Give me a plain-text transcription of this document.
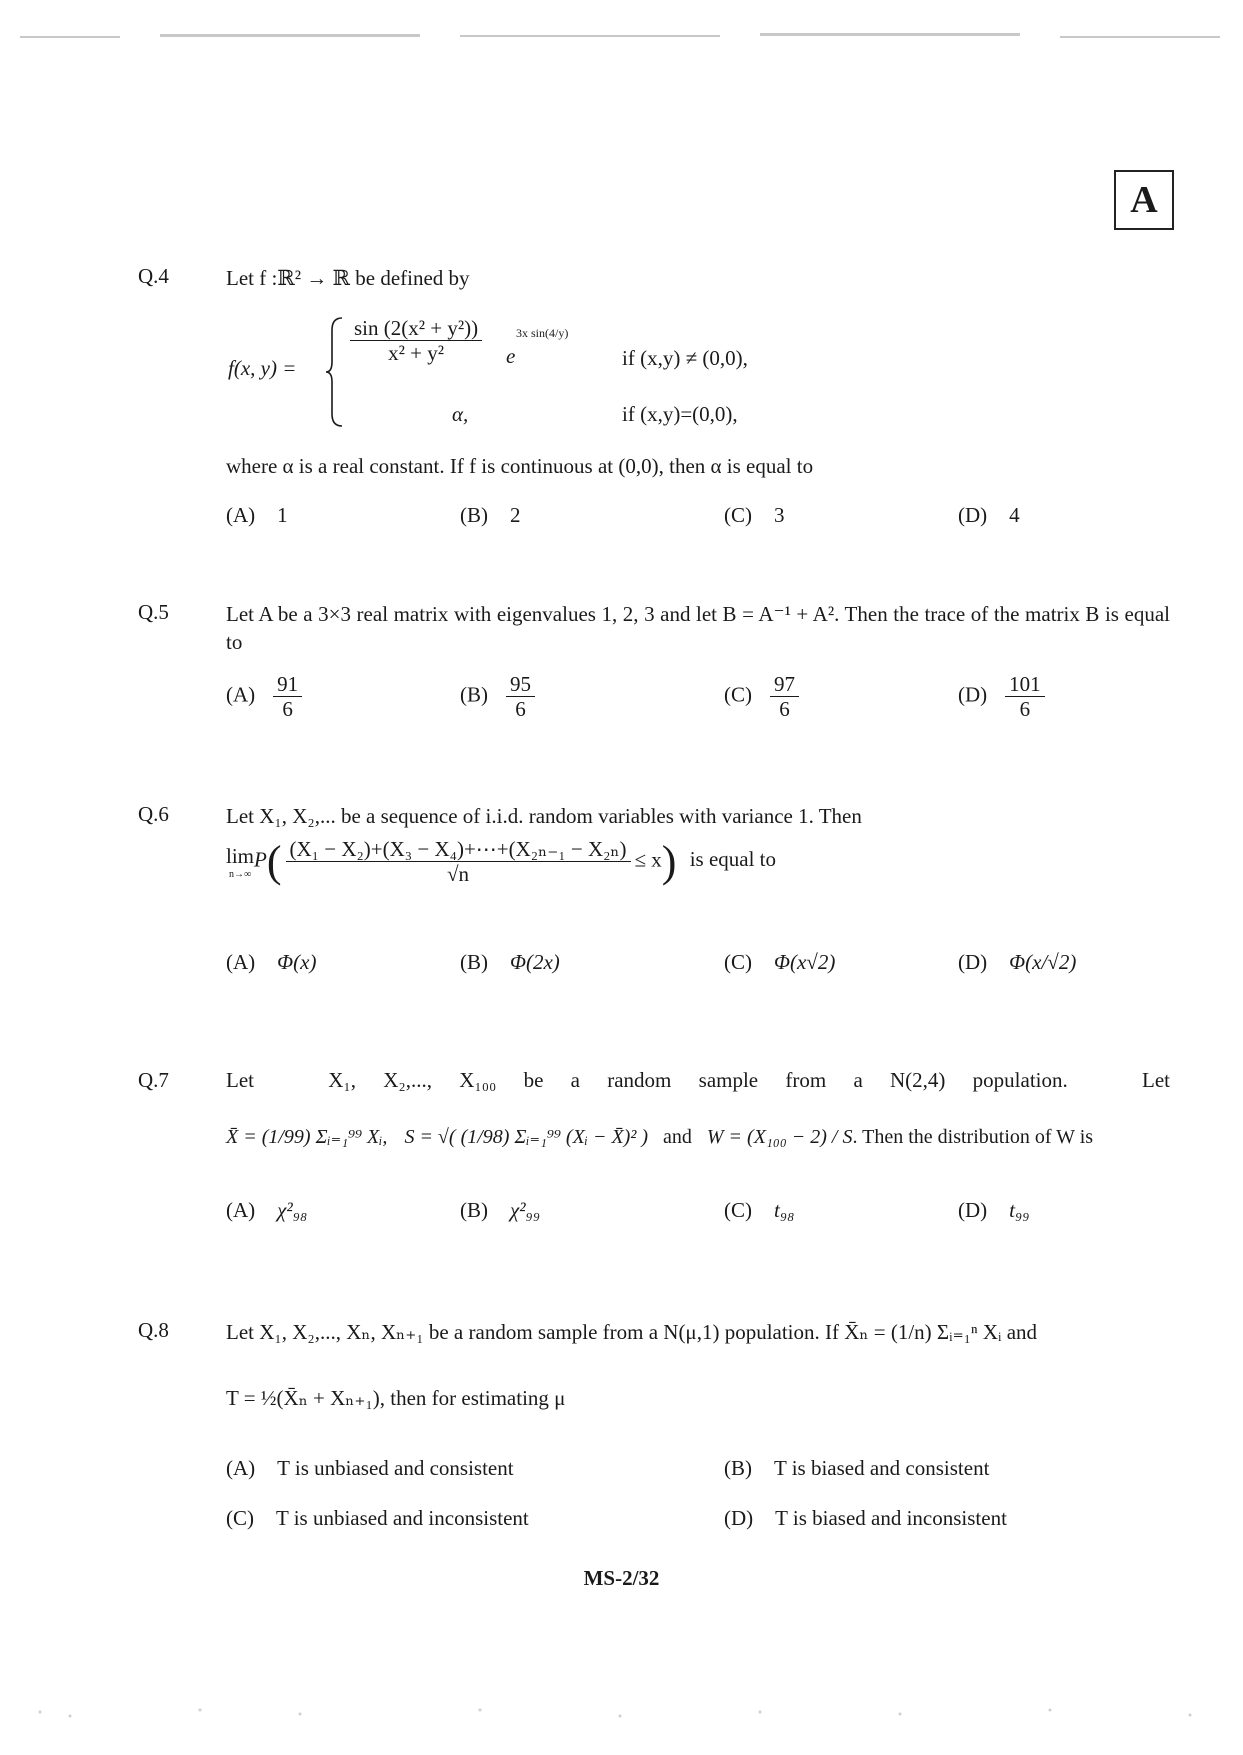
A
Q.4	Let f :ℝ² → ℝ be defined by
f(x, y) =
$\frac{\text{sin (2(x² + y²))}}{\text{x² + y²}}$ e
3x sin(4/y)
if (x,y) ≠ (0,0),
α,	if (x,y)=(0,0),
where α is a real constant. If f is continuous at (0,0), then α is equal to
(A) 1	(B) 2	(C) 3	(D) 4
Q.5	Let A be a 3×3 real matrix with eigenvalues 1, 2, 3 and let B = A⁻¹ + A². Then the trace of the matrix B is equal to
$(A) \frac{91}{6}$	$(B) \frac{95}{6}$	$(C) \frac{97}{6}$	$(D) \frac{101}{6}$
Q.6	Let X₁, X₂,... be a sequence of i.i.d. random variables with variance 1. Then
lim
n→∞
$P( \frac{\text{(X₁ − X₂)+(X₃ − X₄)+⋯+(X₂ₙ₋₁ − X₂ₙ)}}{√n} \le x)$ is equal to
(A) Φ(x)	(B) Φ(2x)	(C) Φ(x√2)	(D) Φ(x/√2)
Q.7	Let	X₁, X₂,..., X₁₀₀ be a random sample from a N(2,4) population.	Let
X̄ = (1/99) Σᵢ₌₁⁹⁹ Xᵢ, S = √( (1/98) Σᵢ₌₁⁹⁹ (Xᵢ − X̄)² ) and W = (X₁₀₀ − 2) / S. Then the distribution of W is
(A) χ²₉₈	(B) χ²₉₉	(C) t₉₈	(D) t₉₉
Q.8	Let X₁, X₂,..., Xₙ, Xₙ₊₁ be a random sample from a N(μ,1) population. If X̄ₙ = (1/n) Σᵢ₌₁ⁿ Xᵢ and
T = ½(X̄ₙ + Xₙ₊₁), then for estimating μ
(A) T is unbiased and consistent	(B) T is biased and consistent
(C) T is unbiased and inconsistent	(D) T is biased and inconsistent
MS-2/32
